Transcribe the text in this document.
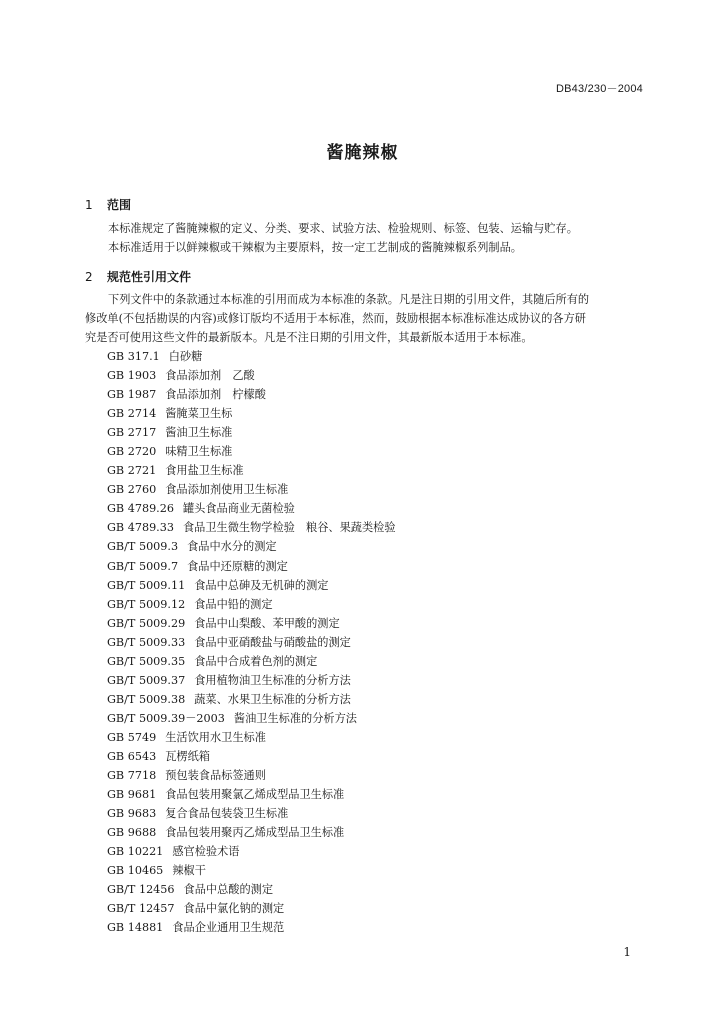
DB43/230－2004
酱腌辣椒
1 范围
本标准规定了酱腌辣椒的定义、分类、要求、试验方法、检验规则、标签、包装、运输与贮存。
本标准适用于以鲜辣椒或干辣椒为主要原料，按一定工艺制成的酱腌辣椒系列制品。
2 规范性引用文件
下列文件中的条款通过本标准的引用而成为本标准的条款。凡是注日期的引用文件，其随后所有的
修改单(不包括勘误的内容)或修订版均不适用于本标准，然而，鼓励根据本标准标准达成协议的各方研
究是否可使用这些文件的最新版本。凡是不注日期的引用文件，其最新版本适用于本标准。
GB 317.1 白砂糖
GB 1903 食品添加剂　乙酸
GB 1987 食品添加剂　柠檬酸
GB 2714 酱腌菜卫生标
GB 2717 酱油卫生标准
GB 2720 味精卫生标准
GB 2721 食用盐卫生标准
GB 2760 食品添加剂使用卫生标准
GB 4789.26 罐头食品商业无菌检验
GB 4789.33 食品卫生微生物学检验　粮谷、果蔬类检验
GB/T 5009.3 食品中水分的测定
GB/T 5009.7 食品中还原糖的测定
GB/T 5009.11 食品中总砷及无机砷的测定
GB/T 5009.12 食品中铅的测定
GB/T 5009.29 食品中山梨酸、苯甲酸的测定
GB/T 5009.33 食品中亚硝酸盐与硝酸盐的测定
GB/T 5009.35 食品中合成着色剂的测定
GB/T 5009.37 食用植物油卫生标准的分析方法
GB/T 5009.38 蔬菜、水果卫生标准的分析方法
GB/T 5009.39－2003 酱油卫生标准的分析方法
GB 5749 生活饮用水卫生标准
GB 6543 瓦楞纸箱
GB 7718 预包装食品标签通则
GB 9681 食品包装用聚氯乙烯成型品卫生标准
GB 9683 复合食品包装袋卫生标准
GB 9688 食品包装用聚丙乙烯成型品卫生标准
GB 10221 感官检验术语
GB 10465 辣椒干
GB/T 12456 食品中总酸的测定
GB/T 12457 食品中氯化钠的测定
GB 14881 食品企业通用卫生规范
1
